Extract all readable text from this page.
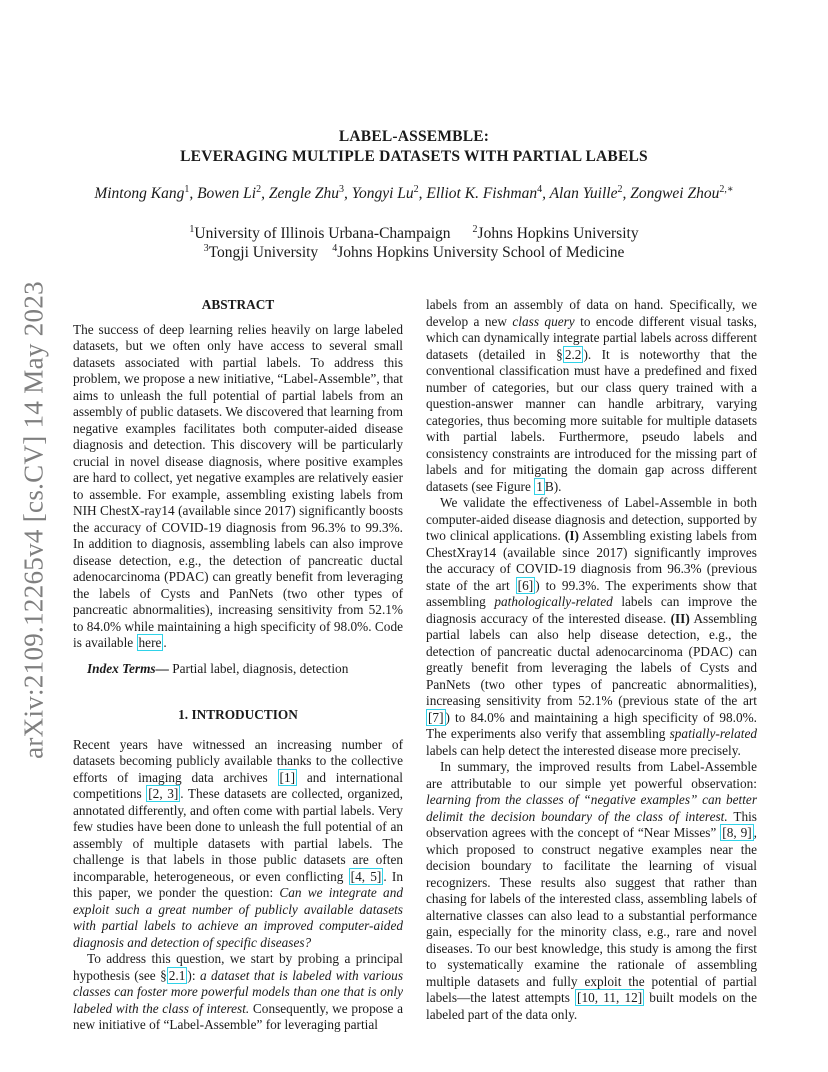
arXiv:2109.12265v4 [cs.CV] 14 May 2023
LABEL-ASSEMBLE:
LEVERAGING MULTIPLE DATASETS WITH PARTIAL LABELS
Mintong Kang$^1$, Bowen Li$^2$, Zengle Zhu$^3$, Yongyi Lu$^2$, Elliot K. Fishman$^4$, Alan Yuille$^2$, Zongwei Zhou$^{2,∗}$
$^1$University of Illinois Urbana-Champaign $^2$Johns Hopkins University
$^3$Tongji University $^4$Johns Hopkins University School of Medicine
ABSTRACT

The success of deep learning relies heavily on large labeled datasets, but we often only have access to several small datasets associated with partial labels. To address this problem, we propose a new initiative, “Label-Assemble”, that aims to unleash the full potential of partial labels from an assembly of public datasets. We discovered that learning from negative examples facilitates both computer-aided disease diagnosis and detection. This discovery will be particularly crucial in novel disease diagnosis, where positive examples are hard to collect, yet negative examples are relatively easier to assemble. For example, assembling existing labels from NIH ChestX-ray14 (available since 2017) significantly boosts the accuracy of COVID-19 diagnosis from 96.3% to 99.3%. In addition to diagnosis, assembling labels can also improve disease detection, e.g., the detection of pancreatic ductal adenocarcinoma (PDAC) can greatly benefit from leveraging the labels of Cysts and PanNets (two other types of pancreatic abnormalities), increasing sensitivity from 52.1% to 84.0% while maintaining a high specificity of 98.0%. Code is available here .

Index Terms— Partial label, diagnosis, detection

1. INTRODUCTION

Recent years have witnessed an increasing number of datasets becoming publicly available thanks to the collective efforts of imaging data archives [1] and international competitions [2, 3] . These datasets are collected, organized, annotated differently, and often come with partial labels. Very few studies have been done to unleash the full potential of an assembly of multiple datasets with partial labels. The challenge is that labels in those public datasets are often incomparable, heterogeneous, or even conflicting [4, 5] . In this paper, we ponder the question: Can we integrate and exploit such a great number of publicly available datasets with partial labels to achieve an improved computer-aided diagnosis and detection of specific diseases?

To address this question, we start by probing a principal hypothesis (see § 2.1 ): a dataset that is labeled with various classes can foster more powerful models than one that is only labeled with the class of interest. Consequently, we propose a new initiative of “Label-Assemble” for leveraging partial

labels from an assembly of data on hand. Specifically, we develop a new class query to encode different visual tasks, which can dynamically integrate partial labels across different datasets (detailed in § 2.2 ). It is noteworthy that the conventional classification must have a predefined and fixed number of categories, but our class query trained with a question-answer manner can handle arbitrary, varying categories, thus becoming more suitable for multiple datasets with partial labels. Furthermore, pseudo labels and consistency constraints are introduced for the missing part of labels and for mitigating the domain gap across different datasets (see Figure 1 B).

We validate the effectiveness of Label-Assemble in both computer-aided disease diagnosis and detection, supported by two clinical applications. (I) Assembling existing labels from ChestXray14 (available since 2017) significantly improves the accuracy of COVID-19 diagnosis from 96.3% (previous state of the art [6] ) to 99.3%. The experiments show that assembling pathologically-related labels can improve the diagnosis accuracy of the interested disease. (II) Assembling partial labels can also help disease detection, e.g., the detection of pancreatic ductal adenocarcinoma (PDAC) can greatly benefit from leveraging the labels of Cysts and PanNets (two other types of pancreatic abnormalities), increasing sensitivity from 52.1% (previous state of the art [7] ) to 84.0% and maintaining a high specificity of 98.0%. The experiments also verify that assembling spatially-related labels can help detect the interested disease more precisely.

In summary, the improved results from Label-Assemble are attributable to our simple yet powerful observation: learning from the classes of “negative examples” can better delimit the decision boundary of the class of interest. This observation agrees with the concept of “Near Misses” [8, 9] , which proposed to construct negative examples near the decision boundary to facilitate the learning of visual recognizers. These results also suggest that rather than chasing for labels of the interested class, assembling labels of alternative classes can also lead to a substantial performance gain, especially for the minority class, e.g., rare and novel diseases. To our best knowledge, this study is among the first to systematically examine the rationale of assembling multiple datasets and fully exploit the potential of partial labels—the latest attempts [10, 11, 12] built models on the labeled part of the data only.
